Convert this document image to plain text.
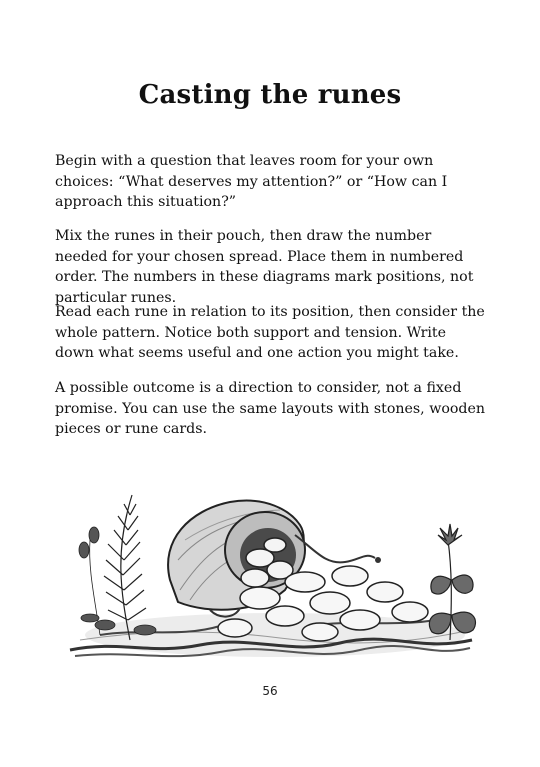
Casting the runes

Begin with a question that leaves room for your own choices: “What deserves my attention?” or “How can I approach this situation?”

Mix the runes in their pouch, then draw the number needed for your chosen spread. Place them in numbered order. The numbers in these diagrams mark positions, not particular runes.

Read each rune in relation to its position, then consider the whole pattern. Notice both support and tension. Write down what seems useful and one action you might take.

A possible outcome is a direction to consider, not a fixed promise. You can use the same layouts with stones, wooden pieces or rune cards.

56
